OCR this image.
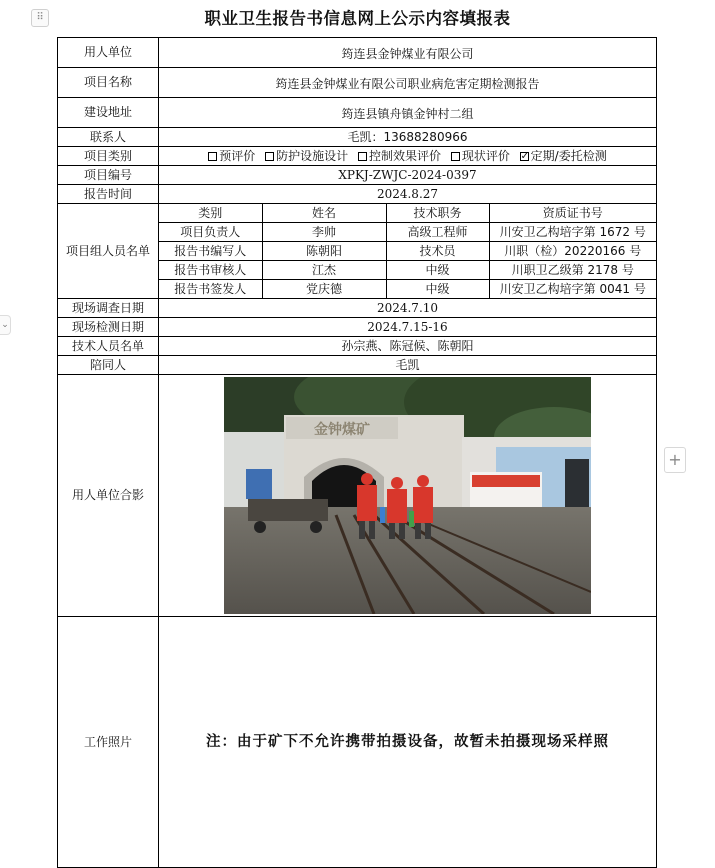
⠿
⌄
+
职业卫生报告书信息网上公示内容填报表
用人单位	筠连县金钟煤业有限公司
项目名称	筠连县金钟煤业有限公司职业病危害定期检测报告
建设地址	筠连县镇舟镇金钟村二组
联系人	毛凯：13688280966
项目类别	预评价 防护设施设计 控制效果评价 现状评价 ✓ 定期/委托检测
项目编号	XPKJ-ZWJC-2024-0397
报告时间	2024.8.27
项目组人员名单	
类别	姓名	技术职务	资质证书号
项目负责人	李帅	高级工程师	川安卫乙构培字第 1672 号
报告书编写人	陈朝阳	技术员	川职（检）20220166 号
报告书审核人	江杰	中级	川职卫乙级第 2178 号
报告书签发人	党庆德	中级	川安卫乙构培字第 0041 号

现场调查日期	2024.7.10
现场检测日期	2024.7.15-16
技术人员名单	孙宗燕、陈冠候、陈朝阳
陪同人	毛凯
用人单位合影	
金钟煤矿

工作照片	注：由于矿下不允许携带拍摄设备，故暂未拍摄现场采样照
